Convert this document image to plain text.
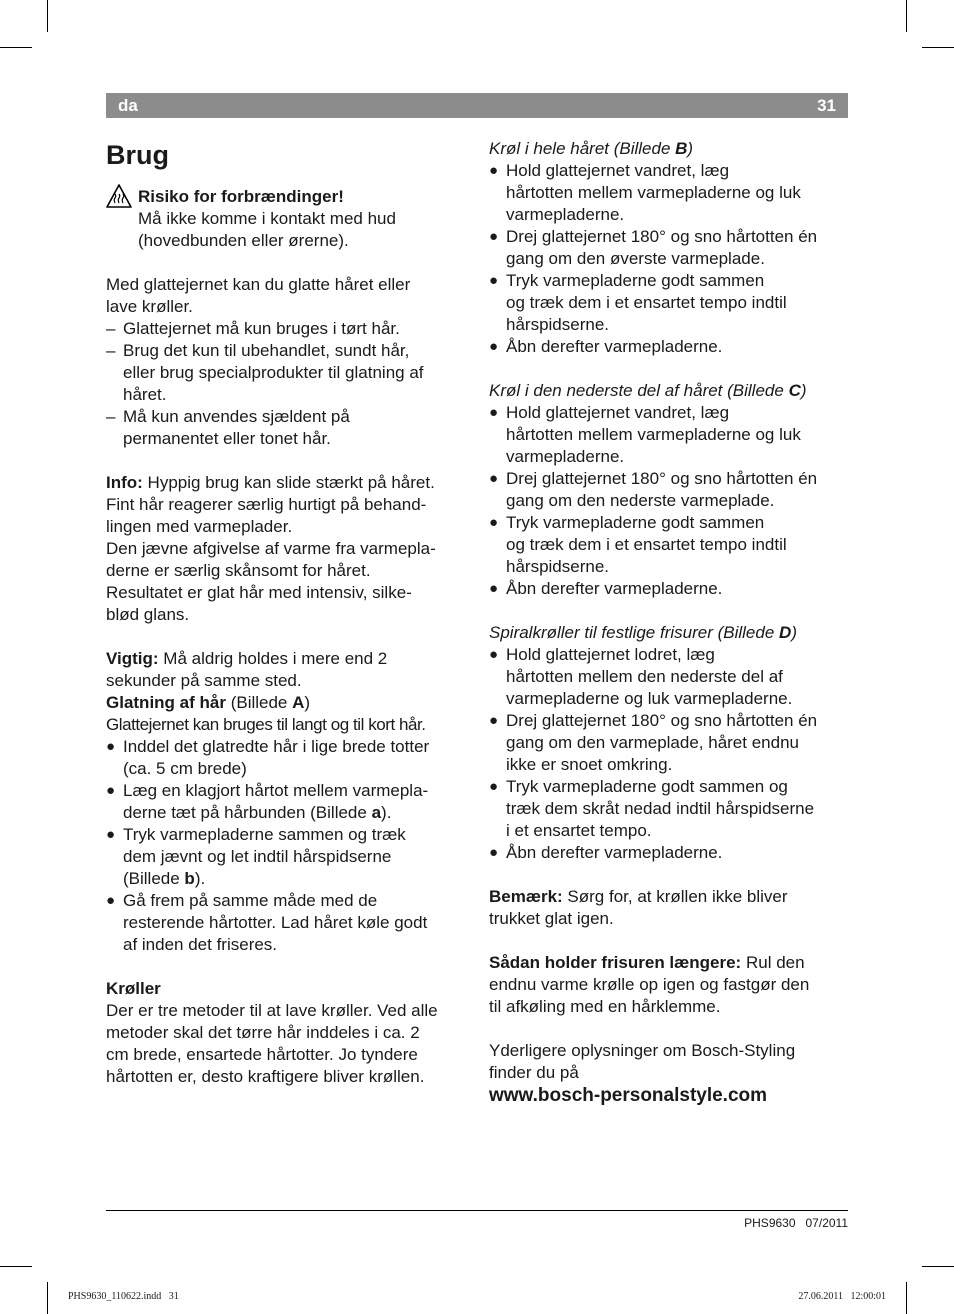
da	31
Brug
Risiko for forbrændinger!

Må ikke komme i kontakt med hud

(hovedbunden eller ørerne).

Med glattejernet kan du glatte håret eller

lave krøller.

– Glattejernet må kun bruges i tørt hår.
– Brug det kun til ubehandlet, sundt hår,
eller brug specialprodukter til glatning af
håret.
– Må kun anvendes sjældent på
permanentet eller tonet hår.

Info: Hyppig brug kan slide stærkt på håret.

Fint hår reagerer særlig hurtigt på behand-

lingen med varmeplader.

Den jævne afgivelse af varme fra varmepla-

derne er særlig skånsomt for håret.

Resultatet er glat hår med intensiv, silke-

blød glans.

Vigtig: Må aldrig holdes i mere end 2

sekunder på samme sted.

Glatning af hår (Billede A)

Glattejernet kan bruges til langt og til kort hår.

● Inddel det glatredte hår i lige brede totter
(ca. 5 cm brede)
● Læg en klagjort hårtot mellem varmepla-
derne tæt på hårbunden (Billede a).
● Tryk varmepladerne sammen og træk
dem jævnt og let indtil hårspidserne
(Billede b).
● Gå frem på samme måde med de
resterende hårtotter. Lad håret køle godt
af inden det friseres.

Krøller

Der er tre metoder til at lave krøller. Ved alle

metoder skal det tørre hår inddeles i ca. 2

cm brede, ensartede hårtotter. Jo tyndere

hårtotten er, desto kraftigere bliver krøllen.

Krøl i hele håret (Billede B)

● Hold glattejernet vandret, læg
hårtotten mellem varmepladerne og luk
varmepladerne.
● Drej glattejernet 180° og sno hårtotten én
gang om den øverste varmeplade.
● Tryk varmepladerne godt sammen
og træk dem i et ensartet tempo indtil
hårspidserne.
● Åbn derefter varmepladerne.

Krøl i den nederste del af håret (Billede C)

● Hold glattejernet vandret, læg
hårtotten mellem varmepladerne og luk
varmepladerne.
● Drej glattejernet 180° og sno hårtotten én
gang om den nederste varmeplade.
● Tryk varmepladerne godt sammen
og træk dem i et ensartet tempo indtil
hårspidserne.
● Åbn derefter varmepladerne.

Spiralkrøller til festlige frisurer (Billede D)

● Hold glattejernet lodret, læg
hårtotten mellem den nederste del af
varmepladerne og luk varmepladerne.
● Drej glattejernet 180° og sno hårtotten én
gang om den varmeplade, håret endnu
ikke er snoet omkring.
● Tryk varmepladerne godt sammen og
træk dem skråt nedad indtil hårspidserne
i et ensartet tempo.
● Åbn derefter varmepladerne.

Bemærk: Sørg for, at krøllen ikke bliver

trukket glat igen.

Sådan holder frisuren længere: Rul den

endnu varme krølle op igen og fastgør den

til afkøling med en hårklemme.

Yderligere oplysninger om Bosch-Styling

finder du på

www.bosch-personalstyle.com

PHS9630   07/2011
PHS9630_110622.indd   31	27.06.2011   12:00:01
